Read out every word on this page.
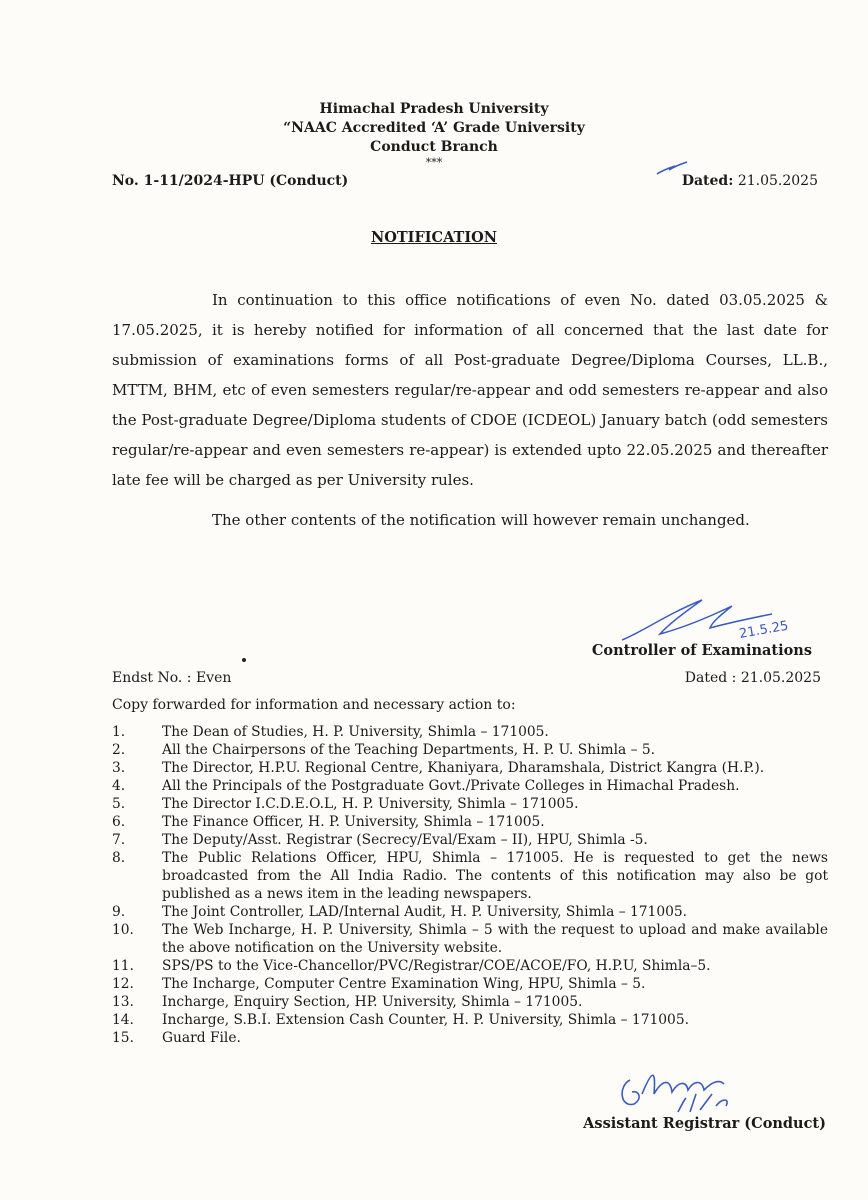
Himachal Pradesh University
“NAAC Accredited ‘A’ Grade University
Conduct Branch
***
No. 1-11/2024-HPU (Conduct)	Dated: 21.05.2025
NOTIFICATION

In continuation to this office notifications of even No. dated 03.05.2025 & 17.05.2025, it is hereby notified for information of all concerned that the last date for submission of examinations forms of all Post-graduate Degree/Diploma Courses, LL.B., MTTM, BHM, etc of even semesters regular/re-appear and odd semesters re-appear and also the Post-graduate Degree/Diploma students of CDOE (ICDEOL) January batch (odd semesters regular/re-appear and even semesters re-appear) is extended upto 22.05.2025 and thereafter late fee will be charged as per University rules.

The other contents of the notification will however remain unchanged.

21.5.25
Controller of Examinations
Endst No. : Even	Dated : 21.05.2025
Copy forwarded for information and necessary action to:
1.	The Dean of Studies, H. P. University, Shimla – 171005.
2.	All the Chairpersons of the Teaching Departments, H. P. U. Shimla – 5.
3.	The Director, H.P.U. Regional Centre, Khaniyara, Dharamshala, District Kangra (H.P.).
4.	All the Principals of the Postgraduate Govt./Private Colleges in Himachal Pradesh.
5.	The Director I.C.D.E.O.L, H. P. University, Shimla – 171005.
6.	The Finance Officer, H. P. University, Shimla – 171005.
7.	The Deputy/Asst. Registrar (Secrecy/Eval/Exam – II), HPU, Shimla -5.
8.	The Public Relations Officer, HPU, Shimla – 171005. He is requested to get the news broadcasted from the All India Radio. The contents of this notification may also be got published as a news item in the leading newspapers.
9.	The Joint Controller, LAD/Internal Audit, H. P. University, Shimla – 171005.
10. The Web Incharge, H. P. University, Shimla – 5 with the request to upload and make available the above notification on the University website.
11. SPS/PS to the Vice-Chancellor/PVC/Registrar/COE/ACOE/FO, H.P.U, Shimla–5.
12. The Incharge, Computer Centre Examination Wing, HPU, Shimla – 5.
13. Incharge, Enquiry Section, HP. University, Shimla – 171005.
14. Incharge, S.B.I. Extension Cash Counter, H. P. University, Shimla – 171005.
15. Guard File.
Assistant Registrar (Conduct)
